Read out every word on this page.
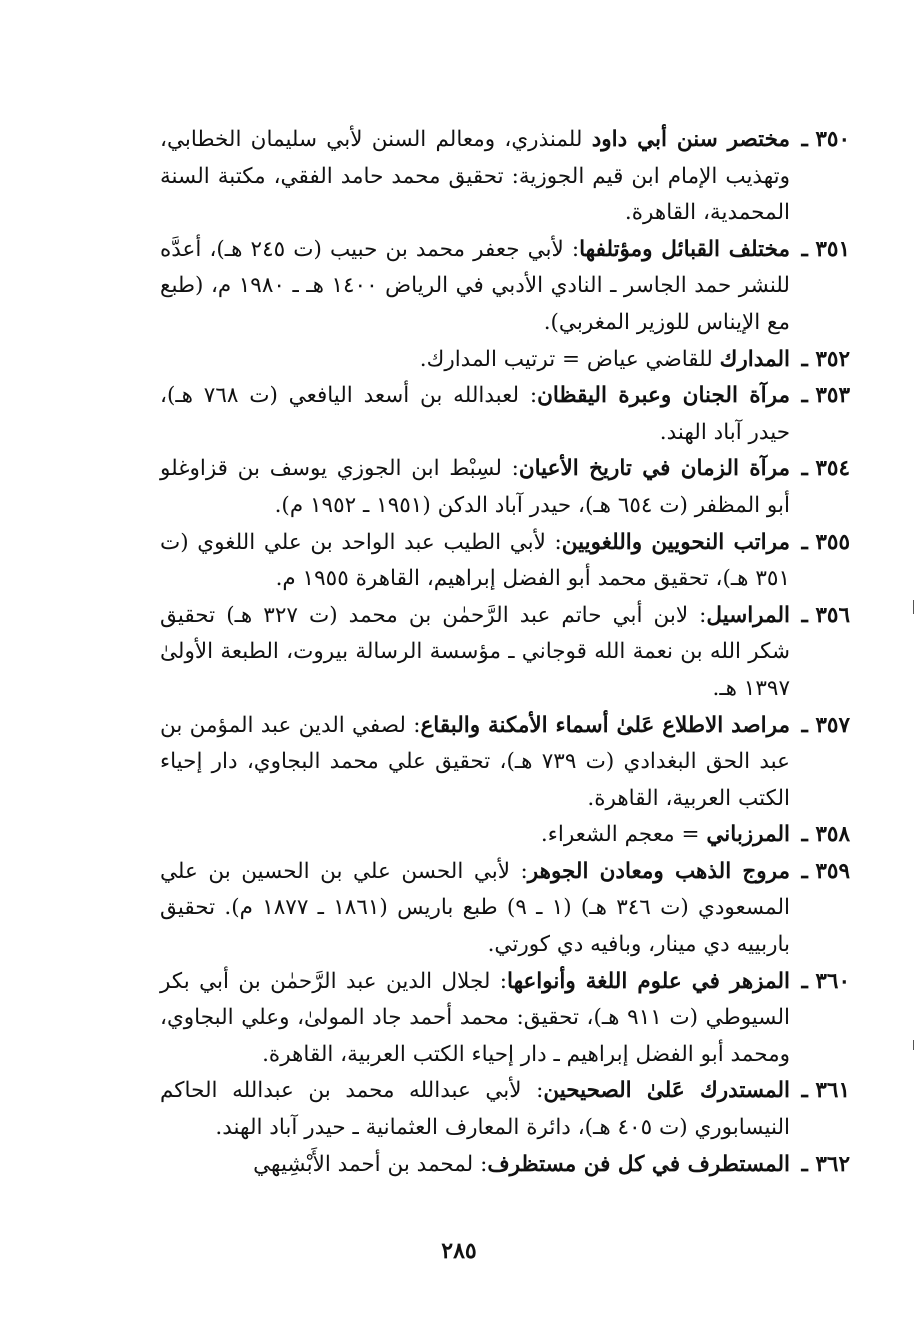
٣٥٠ ـ
مختصر سنن أبي داود للمنذري، ومعالم السنن لأبي سليمان الخطابي، وتهذيب الإمام ابن قيم الجوزية: تحقيق محمد حامد الفقي، مكتبة السنة المحمدية، القاهرة.
٣٥١ ـ
مختلف القبائل ومؤتلفها: لأبي جعفر محمد بن حبيب (ت ٢٤٥ هـ)، أعدَّه للنشر حمد الجاسر ـ النادي الأدبي في الرياض ١٤٠٠ هـ ـ ١٩٨٠ م، (طبع مع الإيناس للوزير المغربي).
٣٥٢ ـ
المدارك للقاضي عياض = ترتيب المدارك.
٣٥٣ ـ
مرآة الجنان وعبرة اليقظان: لعبدالله بن أسعد اليافعي (ت ٧٦٨ هـ)، حيدر آباد الهند.
٣٥٤ ـ
مرآة الزمان في تاريخ الأعيان: لسِبْط ابن الجوزي يوسف بن قزاوغلو أبو المظفر (ت ٦٥٤ هـ)، حيدر آباد الدكن (١٩٥١ ـ ١٩٥٢ م).
٣٥٥ ـ
مراتب النحويين واللغويين: لأبي الطيب عبد الواحد بن علي اللغوي (ت ٣٥١ هـ)، تحقيق محمد أبو الفضل إبراهيم، القاهرة ١٩٥٥ م.
٣٥٦ ـ
المراسيل: لابن أبي حاتم عبد الرَّحمٰن بن محمد (ت ٣٢٧ هـ) تحقيق شكر الله بن نعمة الله قوجاني ـ مؤسسة الرسالة بيروت، الطبعة الأولىٰ ١٣٩٧ هـ.
٣٥٧ ـ
مراصد الاطلاع عَلىٰ أسماء الأمكنة والبقاع: لصفي الدين عبد المؤمن بن عبد الحق البغدادي (ت ٧٣٩ هـ)، تحقيق علي محمد البجاوي، دار إحياء الكتب العربية، القاهرة.
٣٥٨ ـ
المرزباني = معجم الشعراء.
٣٥٩ ـ
مروج الذهب ومعادن الجوهر: لأبي الحسن علي بن الحسين بن علي المسعودي (ت ٣٤٦ هـ) (١ ـ ٩) طبع باريس (١٨٦١ ـ ١٨٧٧ م). تحقيق باربييه دي مينار، وبافيه دي كورتي.
٣٦٠ ـ
المزهر في علوم اللغة وأنواعها: لجلال الدين عبد الرَّحمٰن بن أبي بكر السيوطي (ت ٩١١ هـ)، تحقيق: محمد أحمد جاد المولىٰ، وعلي البجاوي، ومحمد أبو الفضل إبراهيم ـ دار إحياء الكتب العربية، القاهرة.
٣٦١ ـ
المستدرك عَلىٰ الصحيحين: لأبي عبدالله محمد بن عبدالله الحاكم النيسابوري (ت ٤٠٥ هـ)، دائرة المعارف العثمانية ـ حيدر آباد الهند.
٣٦٢ ـ
المستطرف في كل فن مستظرف: لمحمد بن أحمد الأَبْشِيهي
٢٨٥
